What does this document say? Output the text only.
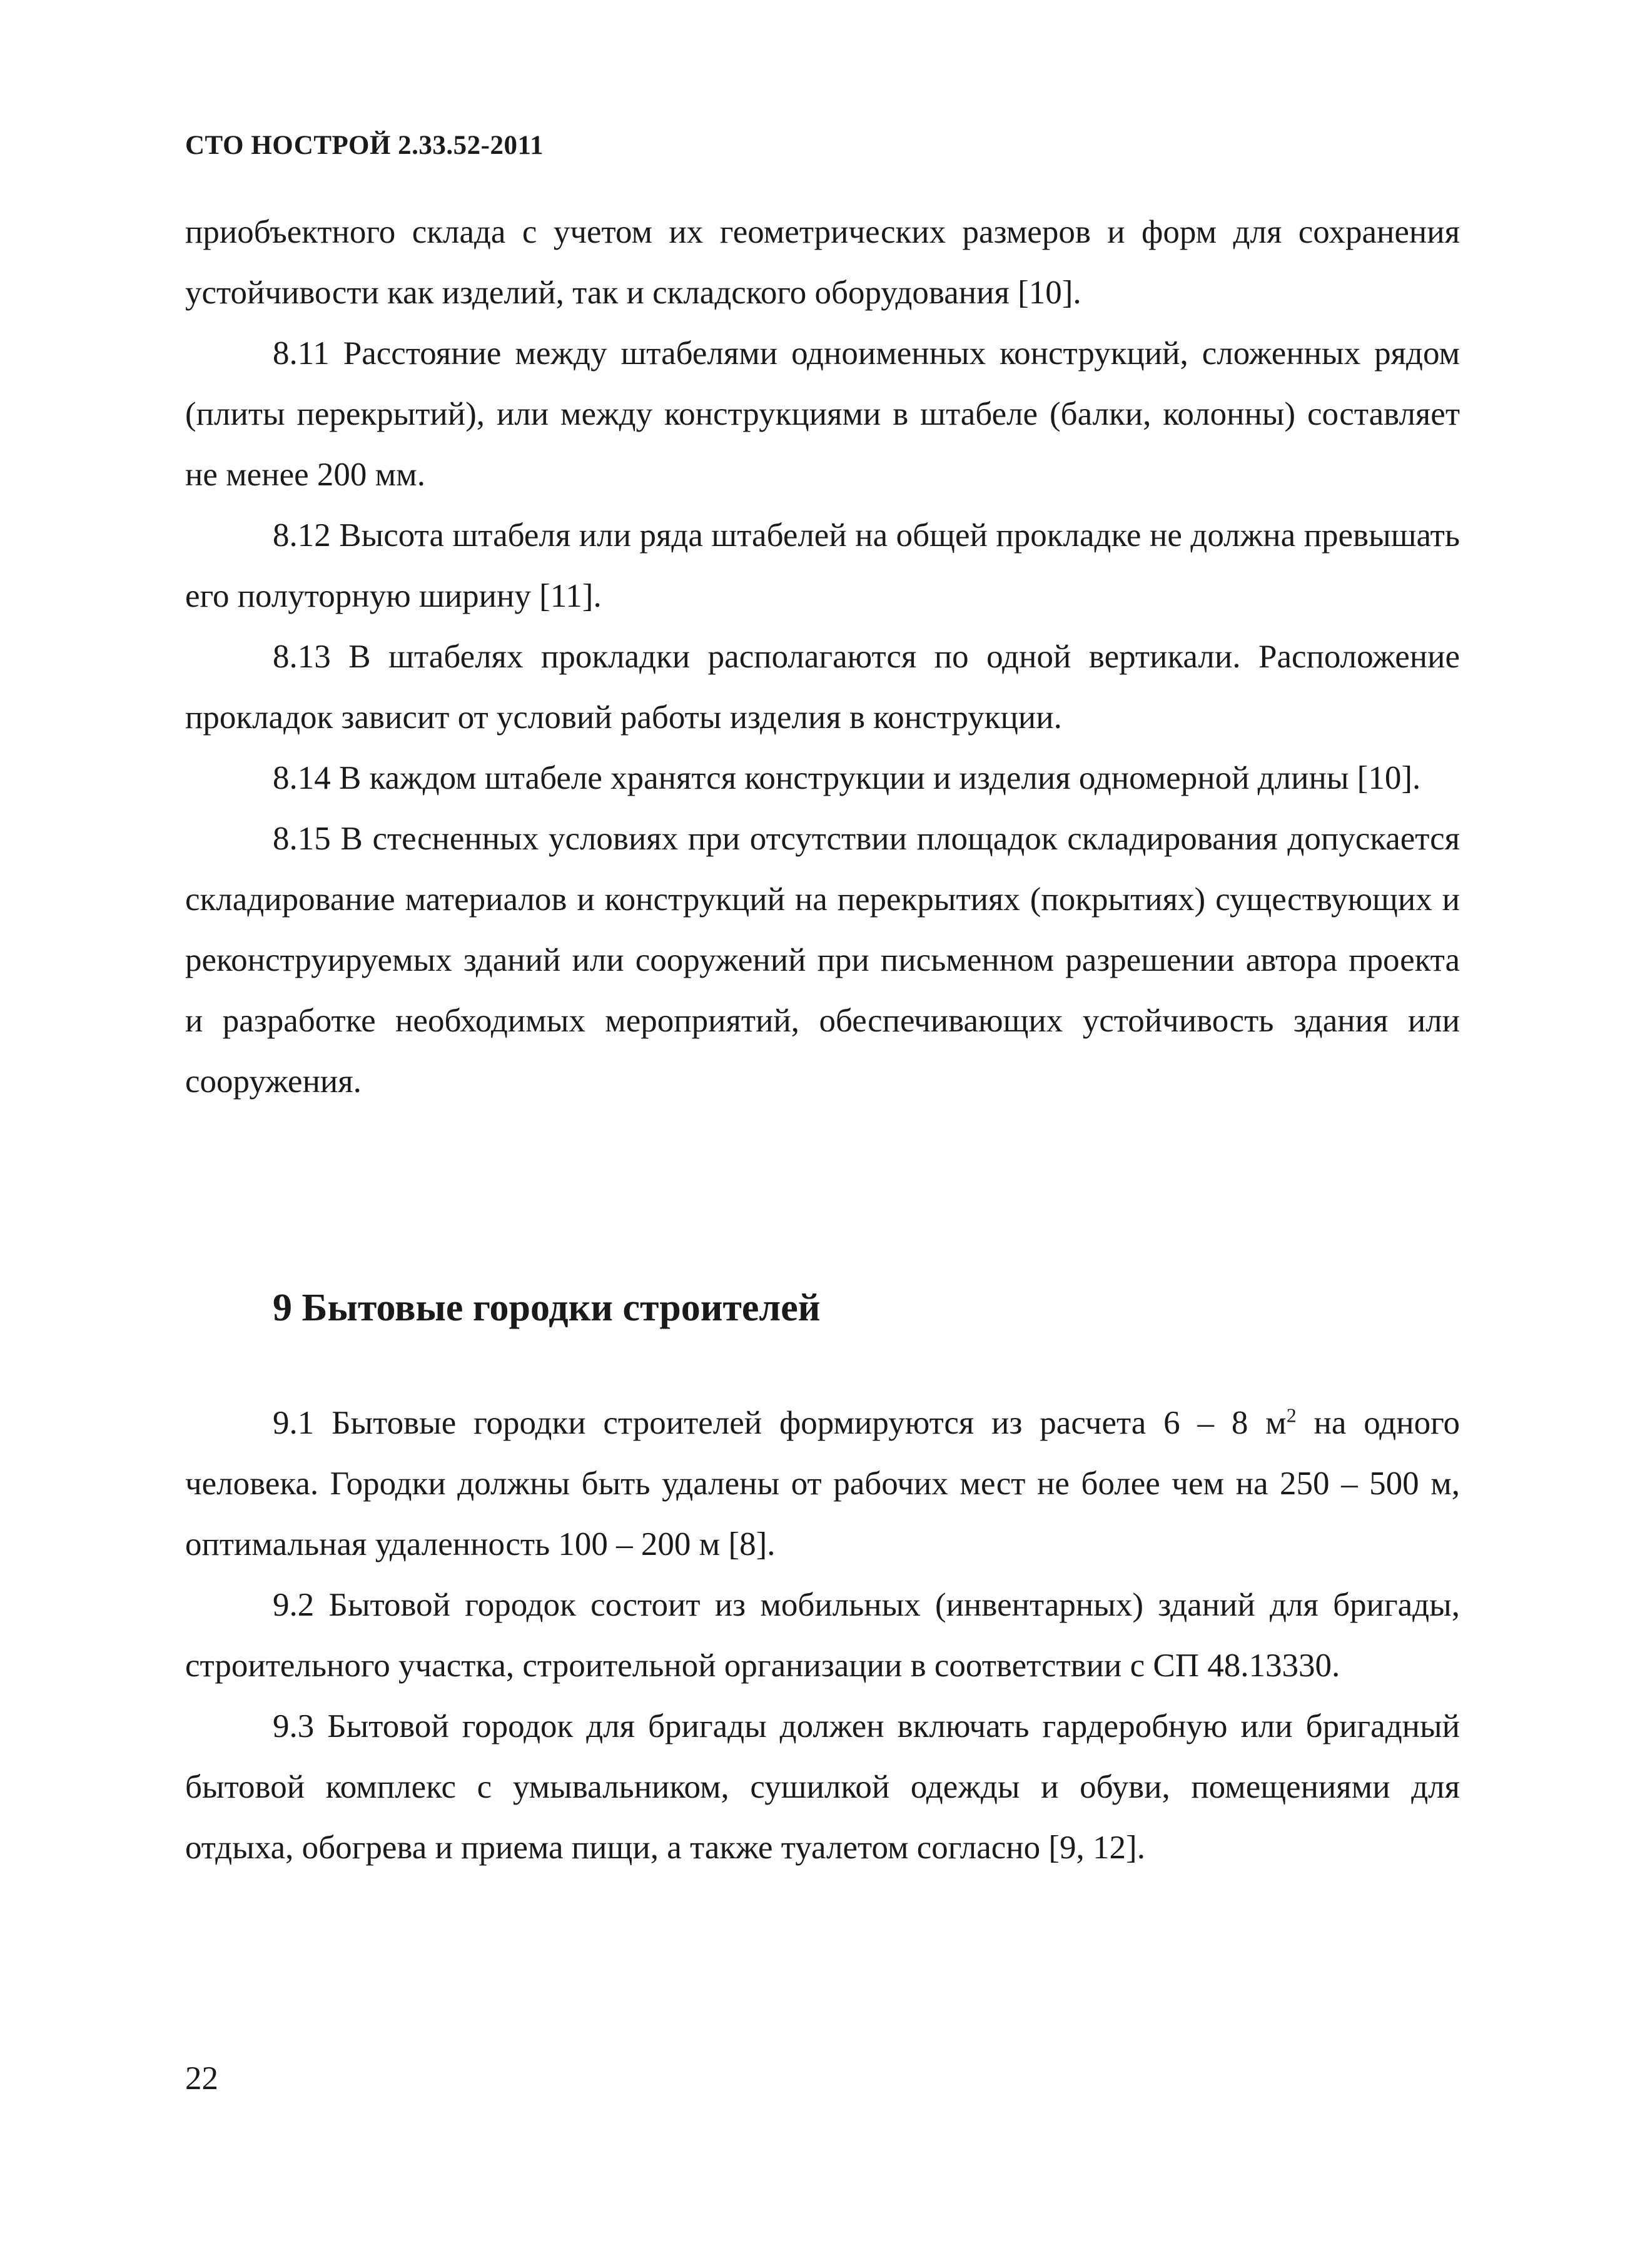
СТО НОСТРОЙ 2.33.52-2011

приобъектного склада с учетом их геометрических размеров и форм для сохранения устойчивости как изделий, так и складского оборудования [10].

8.11 Расстояние между штабелями одноименных конструкций, сложенных рядом (плиты перекрытий), или между конструкциями в штабеле (балки, колонны) составляет не менее 200 мм.

8.12 Высота штабеля или ряда штабелей на общей прокладке не должна превышать его полуторную ширину [11].

8.13 В штабелях прокладки располагаются по одной вертикали. Расположение прокладок зависит от условий работы изделия в конструкции.

8.14 В каждом штабеле хранятся конструкции и изделия одномерной длины [10].

8.15 В стесненных условиях при отсутствии площадок складирования допускается складирование материалов и конструкций на перекрытиях (покрытиях) существующих и реконструируемых зданий или сооружений при письменном разрешении автора проекта и разработке необходимых мероприятий, обеспечивающих устойчивость здания или сооружения.

9 Бытовые городки строителей

9.1 Бытовые городки строителей формируются из расчета 6 – 8 $м^2$ на одного человека. Городки должны быть удалены от рабочих мест не более чем на 250 – 500 м, оптимальная удаленность 100 – 200 м [8].

9.2 Бытовой городок состоит из мобильных (инвентарных) зданий для бригады, строительного участка, строительной организации в соответствии с СП 48.13330.

9.3 Бытовой городок для бригады должен включать гардеробную или бригадный бытовой комплекс с умывальником, сушилкой одежды и обуви, помещениями для отдыха, обогрева и приема пищи, а также туалетом согласно [9, 12].

22
